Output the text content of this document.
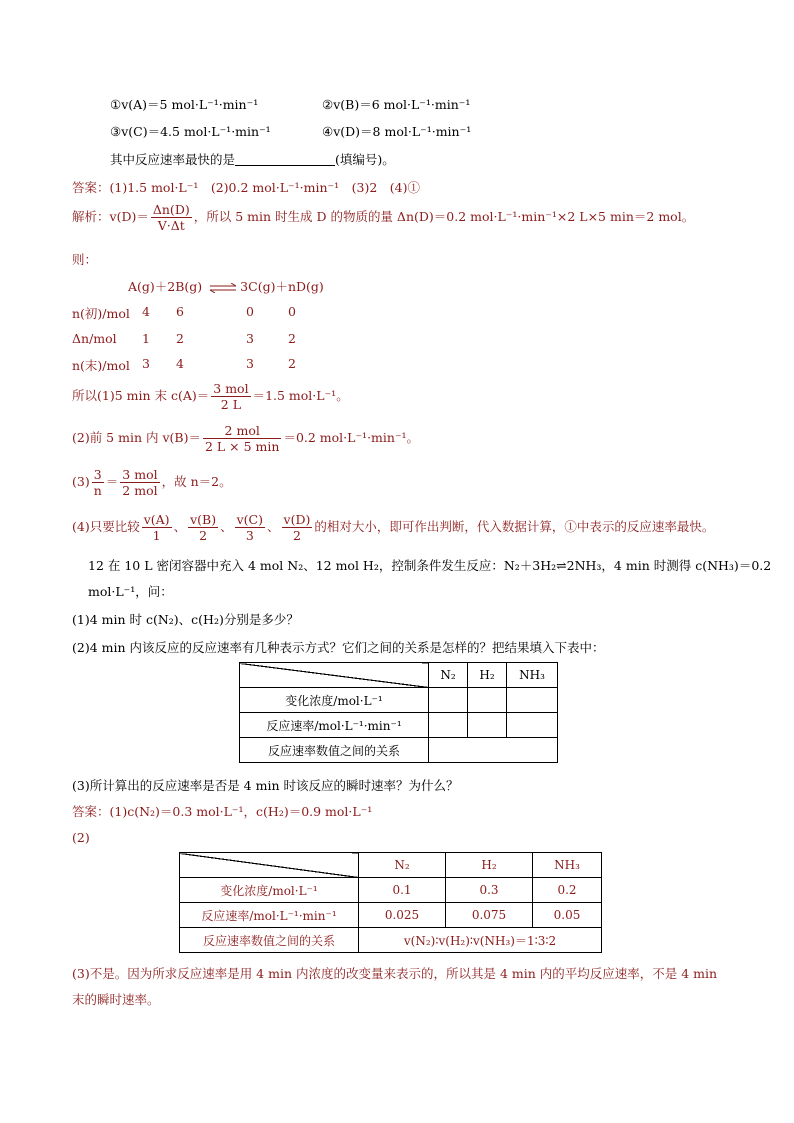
①v(A)＝5 mol·L⁻¹·min⁻¹	②v(B)＝6 mol·L⁻¹·min⁻¹
③v(C)＝4.5 mol·L⁻¹·min⁻¹	④v(D)＝8 mol·L⁻¹·min⁻¹
其中反应速率最快的是	(填编号)。
答案：(1)1.5 mol·L⁻¹　(2)0.2 mol·L⁻¹·min⁻¹　(3)2　(4)①
解析：$v(D)= \frac{\Delta n(D)}{V\cdot\Delta t}$ ，所以 5 min 时生成 D 的物质的量 Δn(D)＝0.2 mol·L⁻¹·min⁻¹×2 L×5 min＝2 mol。
则：
A(g)＋2B(g) ⇌ 3C(g)＋nD(g)
n(初)/mol 4 6	0	0
Δn/mol 1 2	3	2
n(末)/mol 3 4	3	2
所以(1)5 min 末 $c(A)= \frac{\text{3 mol}}{2 L} =1.5$ mol·L⁻¹。
(2)前 5 min 内 $v(B)= \frac{\text{2 mol}}{2 L \times 5 \min} =0.2$ mol·L⁻¹·min⁻¹。
$(3) \frac{3}{n} = \frac{\text{3 mol}}{\text{2 mol}}$ ，故 n＝2。
(4)只要比较 $\frac{v(A)}{1}$ 、 $\frac{v(B)}{2}$ 、 $\frac{v(C)}{3}$ 、 $\frac{v(D)}{2}$ 的相对大小，即可作出判断，代入数据计算，①中表示的反应速率最快。
12 在 10 L 密闭容器中充入 4 mol N₂、12 mol H₂，控制条件发生反应：N₂＋3H₂⇌2NH₃，4 min 时测得 c(NH₃)＝0.2
mol·L⁻¹，问：
(1)4 min 时 c(N₂)、c(H₂)分别是多少？
(2)4 min 内该反应的反应速率有几种表示方式？它们之间的关系是怎样的？把结果填入下表中：
	N₂	H₂	NH₃
变化浓度/mol·L⁻¹			
反应速率/mol·L⁻¹·min⁻¹			
反应速率数值之间的关系			
(3)所计算出的反应速率是否是 4 min 时该反应的瞬时速率？为什么？
答案：(1)c(N₂)＝0.3 mol·L⁻¹，c(H₂)＝0.9 mol·L⁻¹
(2)
	N₂	H₂	NH₃
变化浓度/mol·L⁻¹	0.1	0.3	0.2
反应速率/mol·L⁻¹·min⁻¹	0.025	0.075	0.05
反应速率数值之间的关系	v(N₂)∶v(H₂)∶v(NH₃)＝1∶3∶2		
(3)不是。因为所求反应速率是用 4 min 内浓度的改变量来表示的，所以其是 4 min 内的平均反应速率，不是 4 min
末的瞬时速率。
